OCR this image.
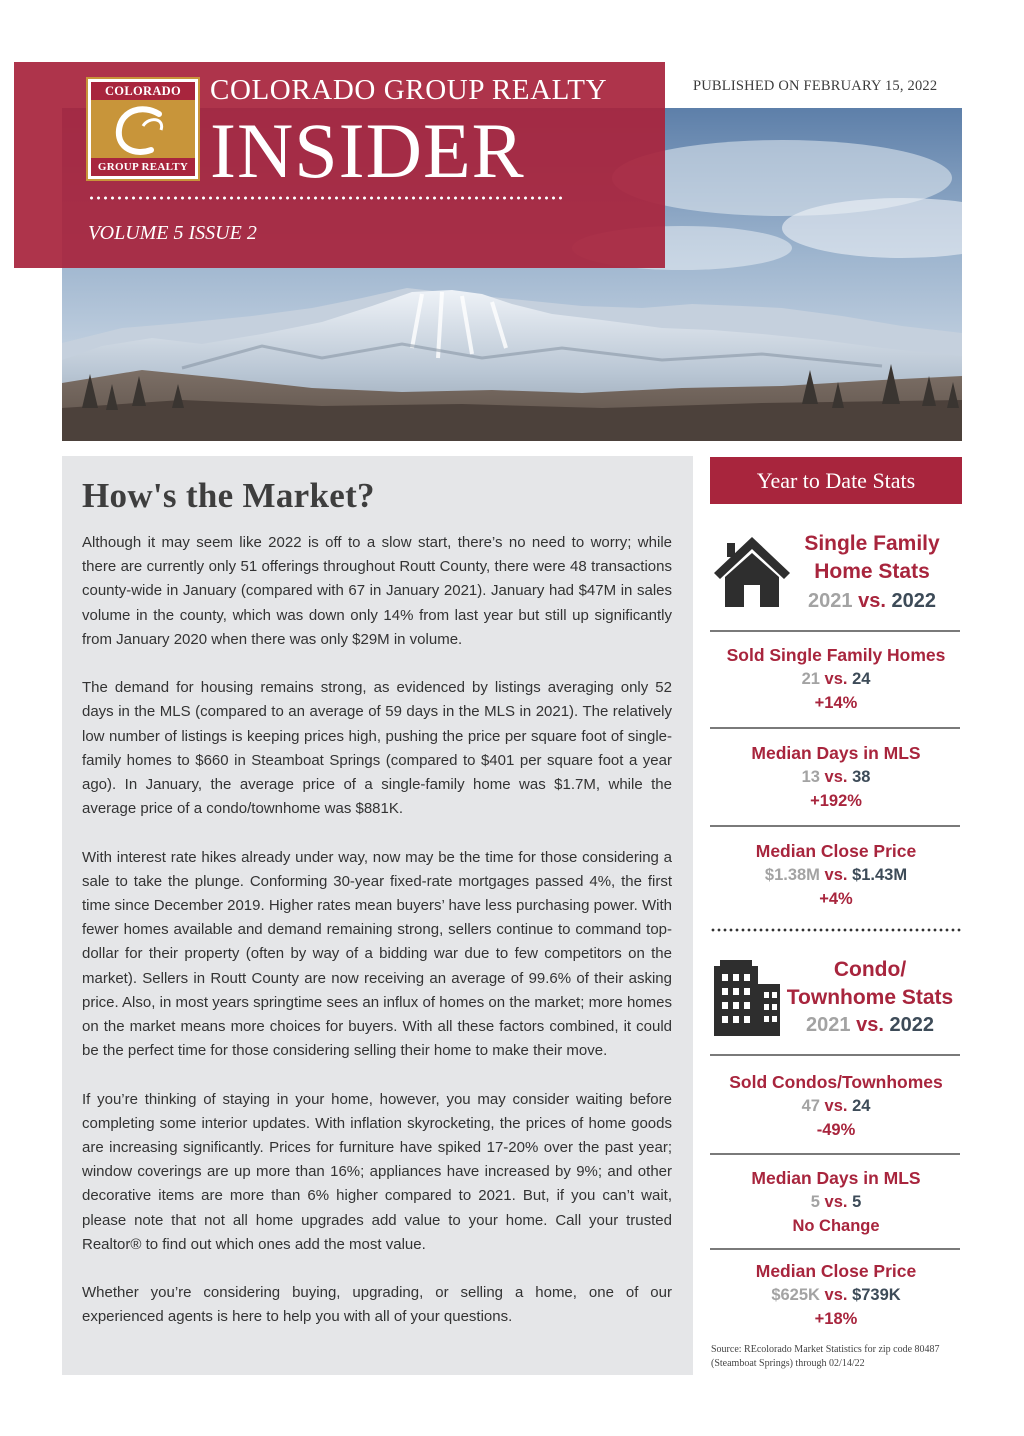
COLORADO
GROUP REALTY
COLORADO GROUP REALTY
INSIDER
VOLUME 5 ISSUE 2
PUBLISHED ON FEBRUARY 15, 2022
How's the Market?

Although it may seem like 2022 is off to a slow start, there’s no need to worry; while there are currently only 51 offerings throughout Routt County, there were 48 transactions county-wide in January (compared with 67 in January 2021). January had $47M in sales volume in the county, which was down only 14% from last year but still up significantly from January 2020 when there was only $29M in volume.

The demand for housing remains strong, as evidenced by listings averaging only 52 days in the MLS (compared to an average of 59 days in the MLS in 2021). The relatively low number of listings is keeping prices high, pushing the price per square foot of single-family homes to $660 in Steamboat Springs (compared to $401 per square foot a year ago). In January, the average price of a single-family home was $1.7M, while the average price of a condo/townhome was $881K.

With interest rate hikes already under way, now may be the time for those considering a sale to take the plunge. Conforming 30-year fixed-rate mortgages passed 4%, the first time since December 2019. Higher rates mean buyers’ have less purchasing power. With fewer homes available and demand remaining strong, sellers continue to command top-dollar for their property (often by way of a bidding war due to few competitors on the market). Sellers in Routt County are now receiving an average of 99.6% of their asking price. Also, in most years springtime sees an influx of homes on the market; more homes on the market means more choices for buyers. With all these factors combined, it could be the perfect time for those considering selling their home to make their move.

If you’re thinking of staying in your home, however, you may consider waiting before completing some interior updates. With inflation skyrocketing, the prices of home goods are increasing significantly. Prices for furniture have spiked 17-20% over the past year; window coverings are up more than 16%; appliances have increased by 9%; and other decorative items are more than 6% higher compared to 2021. But, if you can’t wait, please note that not all home upgrades add value to your home. Call your trusted Realtor® to find out which ones add the most value.

Whether you’re considering buying, upgrading, or selling a home, one of our experienced agents is here to help you with all of your questions.

Year to Date Stats
Single Family
Home Stats
2021 vs. 2022
Sold Single Family Homes
21 vs. 24
+14%
Median Days in MLS
13 vs. 38
+192%
Median Close Price
$1.38M vs. $1.43M
+4%
Condo/
Townhome Stats
2021 vs. 2022
Sold Condos/Townhomes
47 vs. 24
-49%
Median Days in MLS
5 vs. 5
No Change
Median Close Price
$625K vs. $739K
+18%
Source: REcolorado Market Statistics for zip code 80487 (Steamboat Springs) through 02/14/22
